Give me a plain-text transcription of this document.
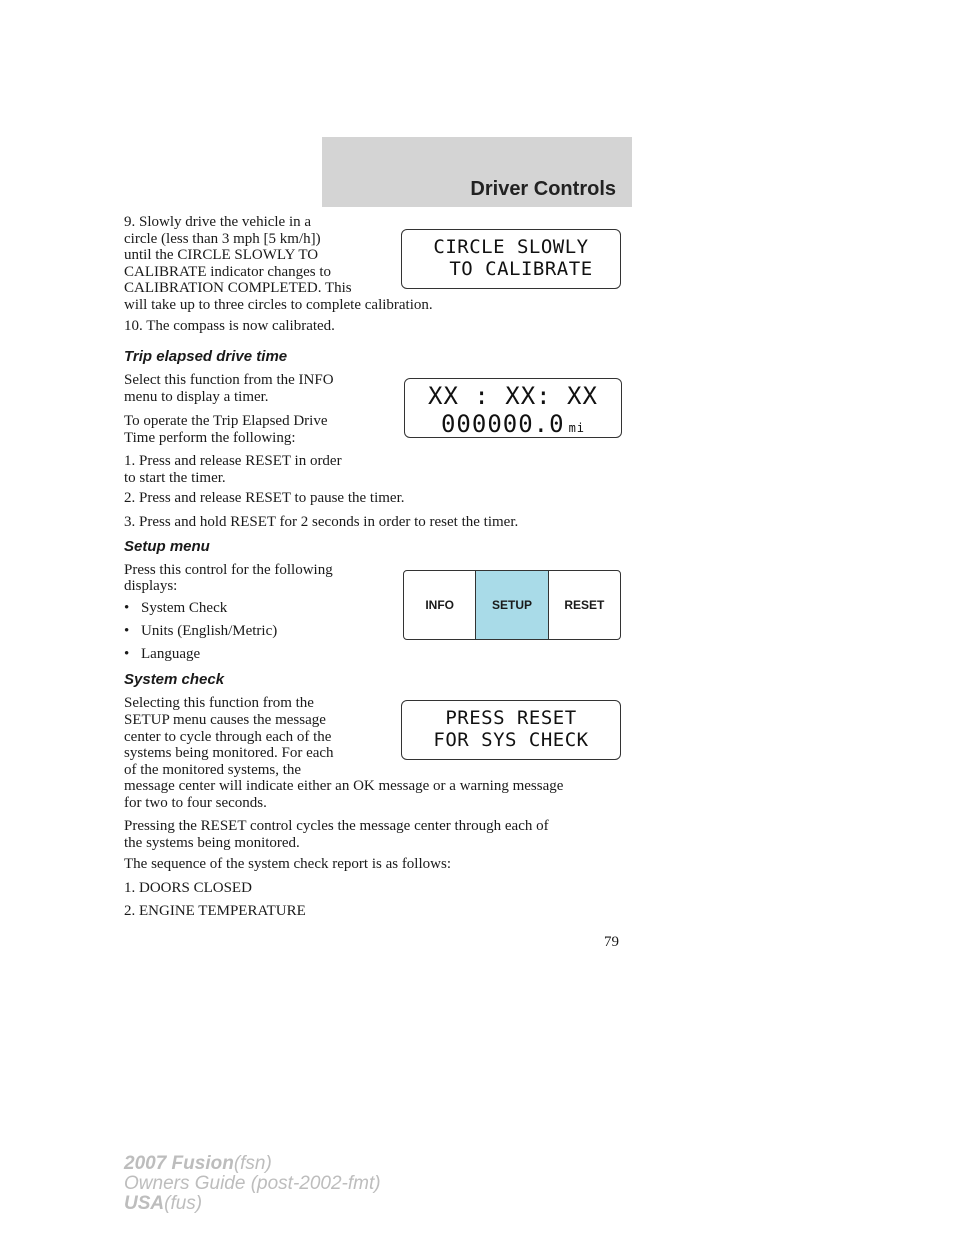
Driver Controls

9. Slowly drive the vehicle in a

circle (less than 3 mph [5 km/h])

until the CIRCLE SLOWLY TO

CALIBRATE indicator changes to

CALIBRATION COMPLETED. This

will take up to three circles to complete calibration.

10. The compass is now calibrated.

CIRCLE SLOWLY
TO CALIBRATE

Trip elapsed drive time

Select this function from the INFO

menu to display a timer.

To operate the Trip Elapsed Drive

Time perform the following:

1. Press and release RESET in order

to start the timer.

2. Press and release RESET to pause the timer.

3. Press and hold RESET for 2 seconds in order to reset the timer.

XX : XX: XX
000000.0 mi

Setup menu

Press this control for the following

displays:

• System Check

• Units (English/Metric)

• Language

INFO	SETUP	RESET

System check

Selecting this function from the

SETUP menu causes the message

center to cycle through each of the

systems being monitored. For each

of the monitored systems, the

message center will indicate either an OK message or a warning message

for two to four seconds.

Pressing the RESET control cycles the message center through each of

the systems being monitored.

The sequence of the system check report is as follows:

1. DOORS CLOSED

2. ENGINE TEMPERATURE

PRESS RESET
FOR SYS CHECK
79
2007 Fusion(fsn)
Owners Guide (post-2002-fmt)
USA(fus)
